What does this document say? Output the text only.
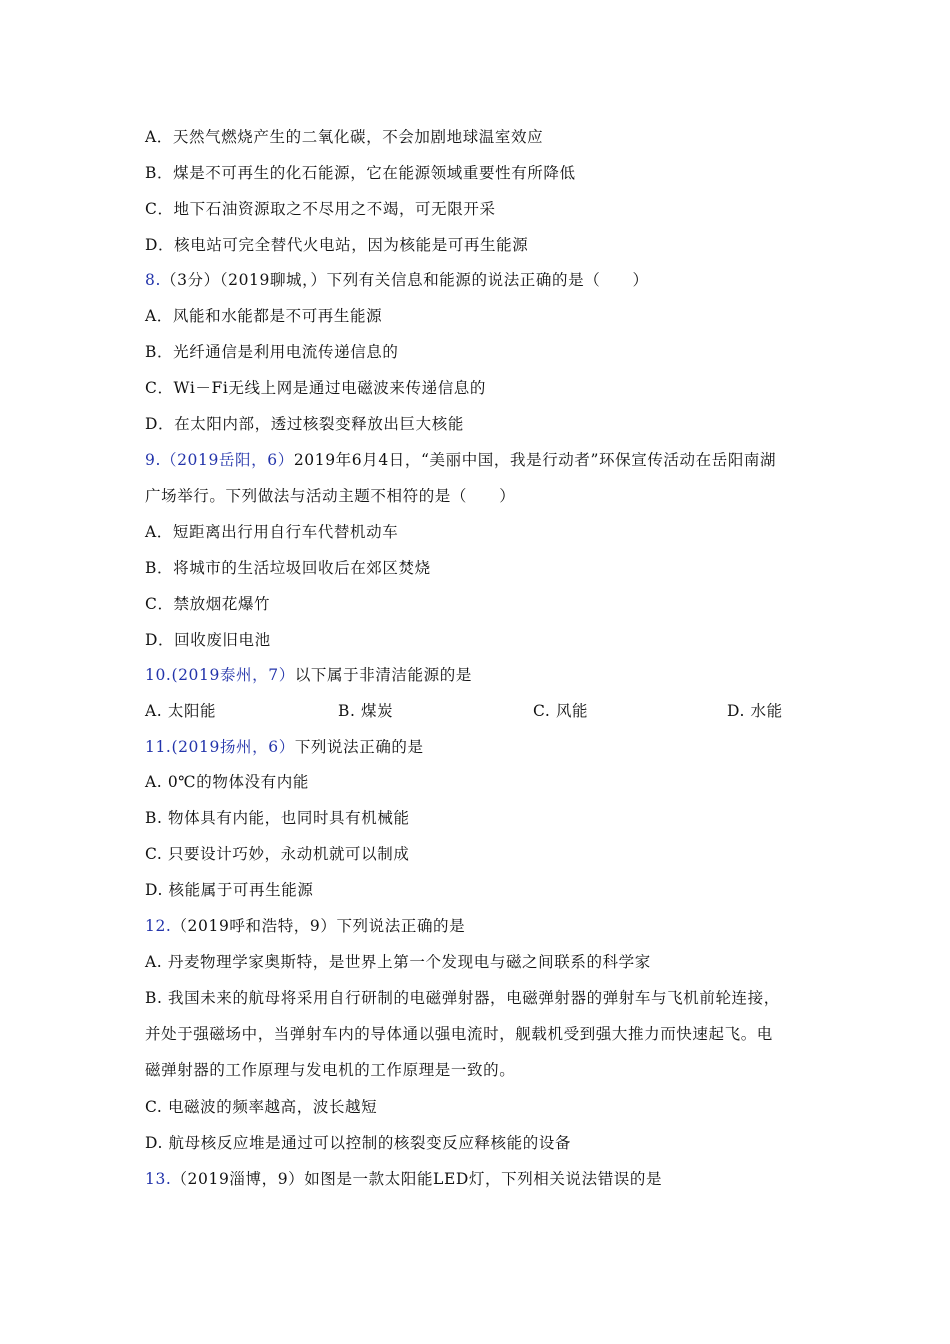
A．天然气燃烧产生的二氧化碳，不会加剧地球温室效应
B．煤是不可再生的化石能源，它在能源领域重要性有所降低
C．地下石油资源取之不尽用之不竭，可无限开采
D．核电站可完全替代火电站，因为核能是可再生能源
8.（3分）（2019聊城，）下列有关信息和能源的说法正确的是（　　）
A．风能和水能都是不可再生能源
B．光纤通信是利用电流传递信息的
C．Wi－Fi无线上网是通过电磁波来传递信息的
D．在太阳内部，透过核裂变释放出巨大核能
9.（2019岳阳，6）2019年6月4日，“美丽中国，我是行动者”环保宣传活动在岳阳南湖
广场举行。下列做法与活动主题不相符的是（　　）
A．短距离出行用自行车代替机动车
B．将城市的生活垃圾回收后在郊区焚烧
C．禁放烟花爆竹
D．回收废旧电池
10.(2019泰州，7）以下属于非清洁能源的是
A. 太阳能	B. 煤炭	C. 风能	D. 水能
11.(2019扬州，6）下列说法正确的是
A. 0℃的物体没有内能
B. 物体具有内能，也同时具有机械能
C. 只要设计巧妙，永动机就可以制成
D. 核能属于可再生能源
12.（2019呼和浩特，9）下列说法正确的是
A. 丹麦物理学家奥斯特，是世界上第一个发现电与磁之间联系的科学家
B. 我国未来的航母将采用自行研制的电磁弹射器，电磁弹射器的弹射车与飞机前轮连接，
并处于强磁场中，当弹射车内的导体通以强电流时，舰载机受到强大推力而快速起飞。电
磁弹射器的工作原理与发电机的工作原理是一致的。
C. 电磁波的频率越高，波长越短
D. 航母核反应堆是通过可以控制的核裂变反应释核能的设备
13.（2019淄博，9）如图是一款太阳能LED灯，下列相关说法错误的是
